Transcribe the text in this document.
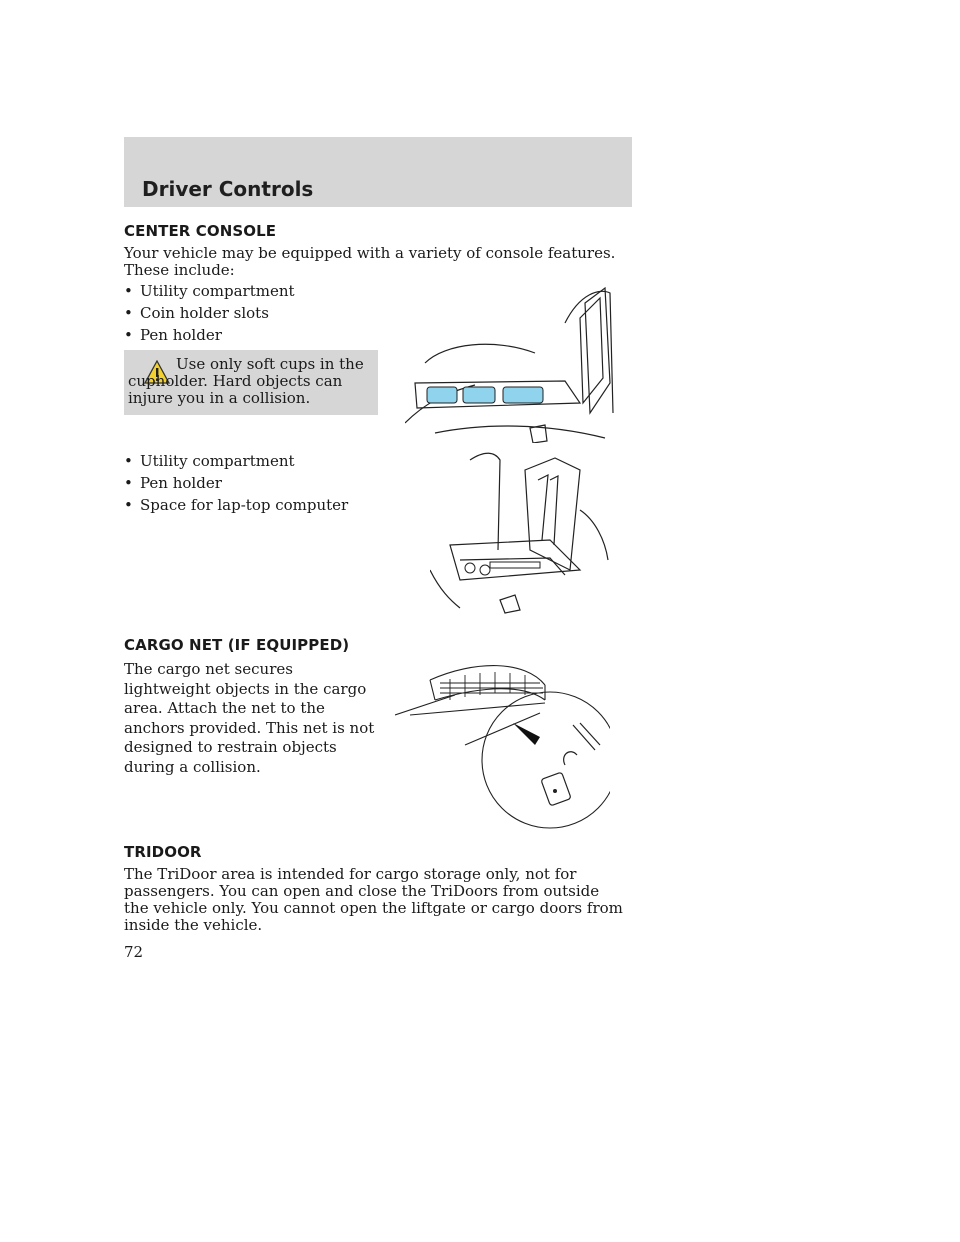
Driver Controls
CENTER CONSOLE
Your vehicle may be equipped with a variety of console features. These include:
• Utility compartment
• Coin holder slots
• Pen holder
Use only soft cups in the cupholder. Hard objects can injure you in a collision.
• Utility compartment
• Pen holder
• Space for lap-top computer
CARGO NET (IF EQUIPPED)
The cargo net secures lightweight objects in the cargo area. Attach the net to the anchors provided. This net is not designed to restrain objects during a collision.
TRIDOOR
The TriDoor area is intended for cargo storage only, not for passengers. You can open and close the TriDoors from outside the vehicle only. You cannot open the liftgate or cargo doors from inside the vehicle.
72
